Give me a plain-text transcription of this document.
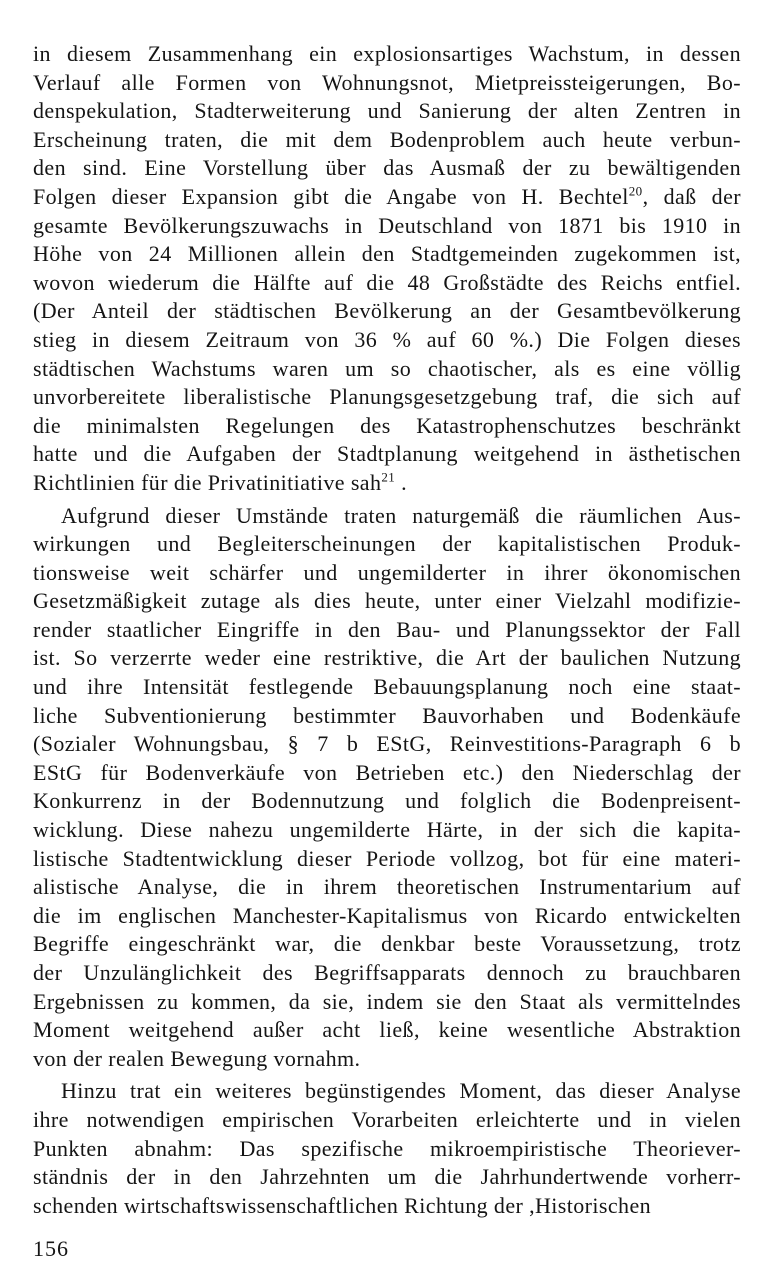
in diesem Zusammenhang ein explosionsartiges Wachstum, in dessen
Verlauf alle Formen von Wohnungsnot, Mietpreissteigerungen, Bo-
denspekulation, Stadterweiterung und Sanierung der alten Zentren in
Erscheinung traten, die mit dem Bodenproblem auch heute verbun-
den sind. Eine Vorstellung über das Ausmaß der zu bewältigenden
Folgen dieser Expansion gibt die Angabe von H. Bechtel$^{20}$, daß der
gesamte Bevölkerungszuwachs in Deutschland von 1871 bis 1910 in
Höhe von 24 Millionen allein den Stadtgemeinden zugekommen ist,
wovon wiederum die Hälfte auf die 48 Großstädte des Reichs entfiel.
(Der Anteil der städtischen Bevölkerung an der Gesamtbevölkerung
stieg in diesem Zeitraum von 36 % auf 60 %.) Die Folgen dieses
städtischen Wachstums waren um so chaotischer, als es eine völlig
unvorbereitete liberalistische Planungsgesetzgebung traf, die sich auf
die minimalsten Regelungen des Katastrophenschutzes beschränkt
hatte und die Aufgaben der Stadtplanung weitgehend in ästhetischen
Richtlinien für die Privatinitiative sah$^{21}$ .
Aufgrund dieser Umstände traten naturgemäß die räumlichen Aus-
wirkungen und Begleiterscheinungen der kapitalistischen Produk-
tionsweise weit schärfer und ungemilderter in ihrer ökonomischen
Gesetzmäßigkeit zutage als dies heute, unter einer Vielzahl modifizie-
render staatlicher Eingriffe in den Bau- und Planungssektor der Fall
ist. So verzerrte weder eine restriktive, die Art der baulichen Nutzung
und ihre Intensität festlegende Bebauungsplanung noch eine staat-
liche Subventionierung bestimmter Bauvorhaben und Bodenkäufe
(Sozialer Wohnungsbau, § 7 b EStG, Reinvestitions-Paragraph 6 b
EStG für Bodenverkäufe von Betrieben etc.) den Niederschlag der
Konkurrenz in der Bodennutzung und folglich die Bodenpreisent-
wicklung. Diese nahezu ungemilderte Härte, in der sich die kapita-
listische Stadtentwicklung dieser Periode vollzog, bot für eine materi-
alistische Analyse, die in ihrem theoretischen Instrumentarium auf
die im englischen Manchester-Kapitalismus von Ricardo entwickelten
Begriffe eingeschränkt war, die denkbar beste Voraussetzung, trotz
der Unzulänglichkeit des Begriffsapparats dennoch zu brauchbaren
Ergebnissen zu kommen, da sie, indem sie den Staat als vermittelndes
Moment weitgehend außer acht ließ, keine wesentliche Abstraktion
von der realen Bewegung vornahm.
Hinzu trat ein weiteres begünstigendes Moment, das dieser Analyse
ihre notwendigen empirischen Vorarbeiten erleichterte und in vielen
Punkten abnahm: Das spezifische mikroempiristische Theoriever-
ständnis der in den Jahrzehnten um die Jahrhundertwende vorherr-
schenden wirtschaftswissenschaftlichen Richtung der ,Historischen
156
